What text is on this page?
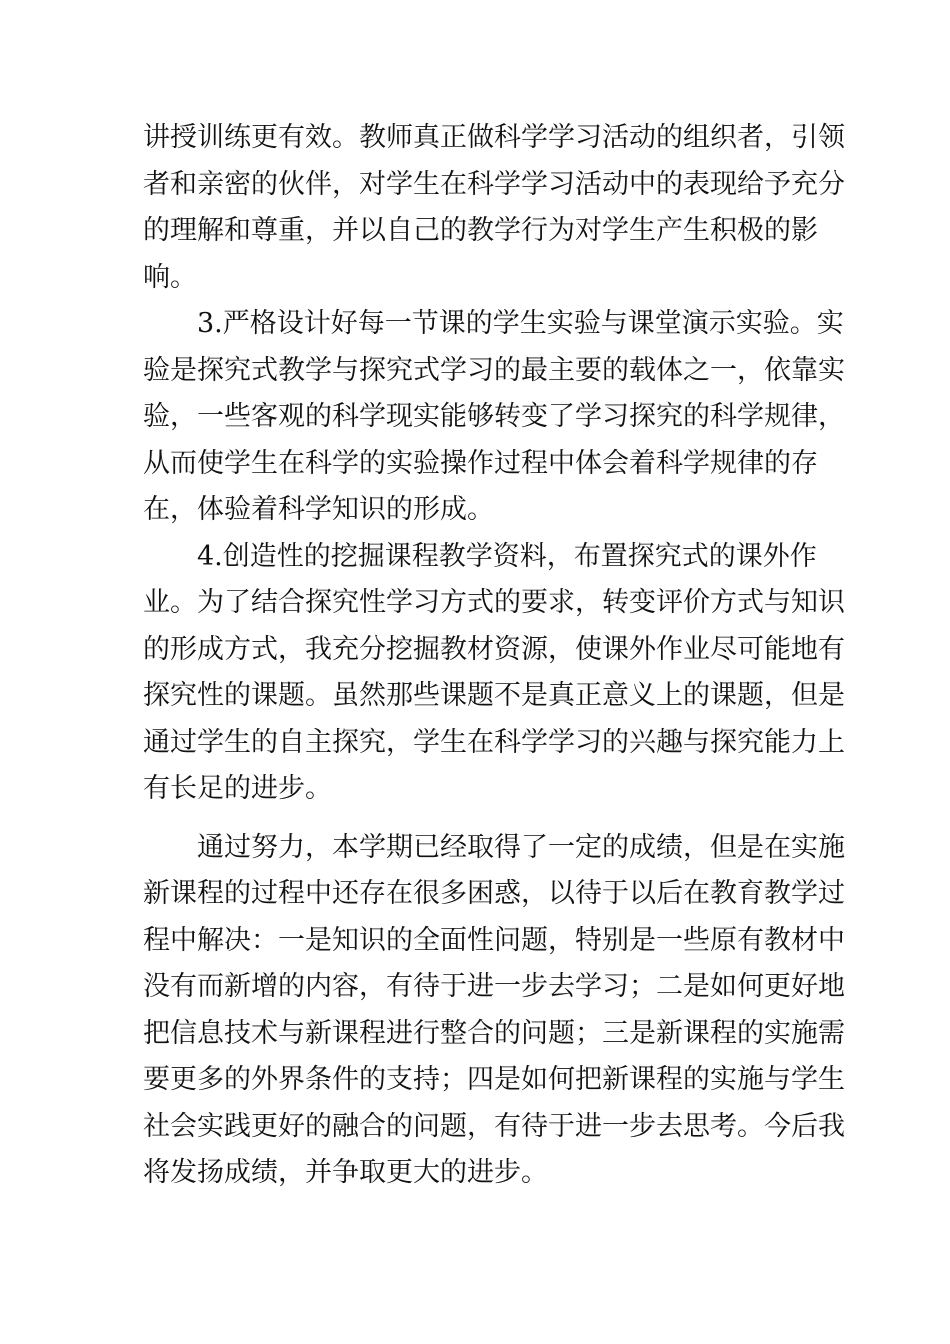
讲授训练更有效。教师真正做科学学习活动的组织者，引领
者和亲密的伙伴，对学生在科学学习活动中的表现给予充分
的理解和尊重，并以自己的教学行为对学生产生积极的影
响。
3.严格设计好每一节课的学生实验与课堂演示实验。实
验是探究式教学与探究式学习的最主要的载体之一，依靠实
验，一些客观的科学现实能够转变了学习探究的科学规律，
从而使学生在科学的实验操作过程中体会着科学规律的存
在，体验着科学知识的形成。
4.创造性的挖掘课程教学资料，布置探究式的课外作
业。为了结合探究性学习方式的要求，转变评价方式与知识
的形成方式，我充分挖掘教材资源，使课外作业尽可能地有
探究性的课题。虽然那些课题不是真正意义上的课题，但是
通过学生的自主探究，学生在科学学习的兴趣与探究能力上
有长足的进步。
通过努力，本学期已经取得了一定的成绩，但是在实施
新课程的过程中还存在很多困惑，以待于以后在教育教学过
程中解决：一是知识的全面性问题，特别是一些原有教材中
没有而新增的内容，有待于进一步去学习；二是如何更好地
把信息技术与新课程进行整合的问题；三是新课程的实施需
要更多的外界条件的支持；四是如何把新课程的实施与学生
社会实践更好的融合的问题，有待于进一步去思考。今后我
将发扬成绩，并争取更大的进步。
